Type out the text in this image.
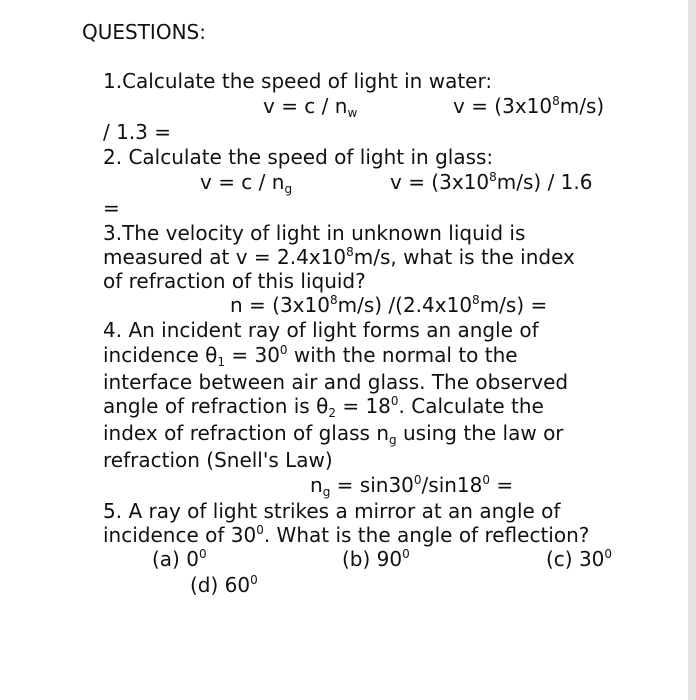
QUESTIONS:
1.Calculate the speed of light in water:
$v = c / n_w$	$v = (3x10^8m/s)$
/ 1.3 =
2. Calculate the speed of light in glass:
$v = c / n_g$	$v = (3x10^8m/s) / 1.6$
=
3.The velocity of light in unknown liquid is
measured at $v = 2.4x10^8m/s$, what is the index
of refraction of this liquid?
$n = (3x10^8m/s) /(2.4x10^8m/s)$ =
4. An incident ray of light forms an angle of
incidence $\theta_1 = 30^0$ with the normal to the
interface between air and glass. The observed
angle of refraction is $\theta_2 = 18^0$. Calculate the
index of refraction of glass $n_g$ using the law or
refraction (Snell's Law)
$n_g = \sin 30^0/\sin 18^0$ =
5. A ray of light strikes a mirror at an angle of
incidence of $30^0$. What is the angle of reflection?
(a) $0^0$	(b) $90^0$	(c) $30^0$
(d) $60^0$
